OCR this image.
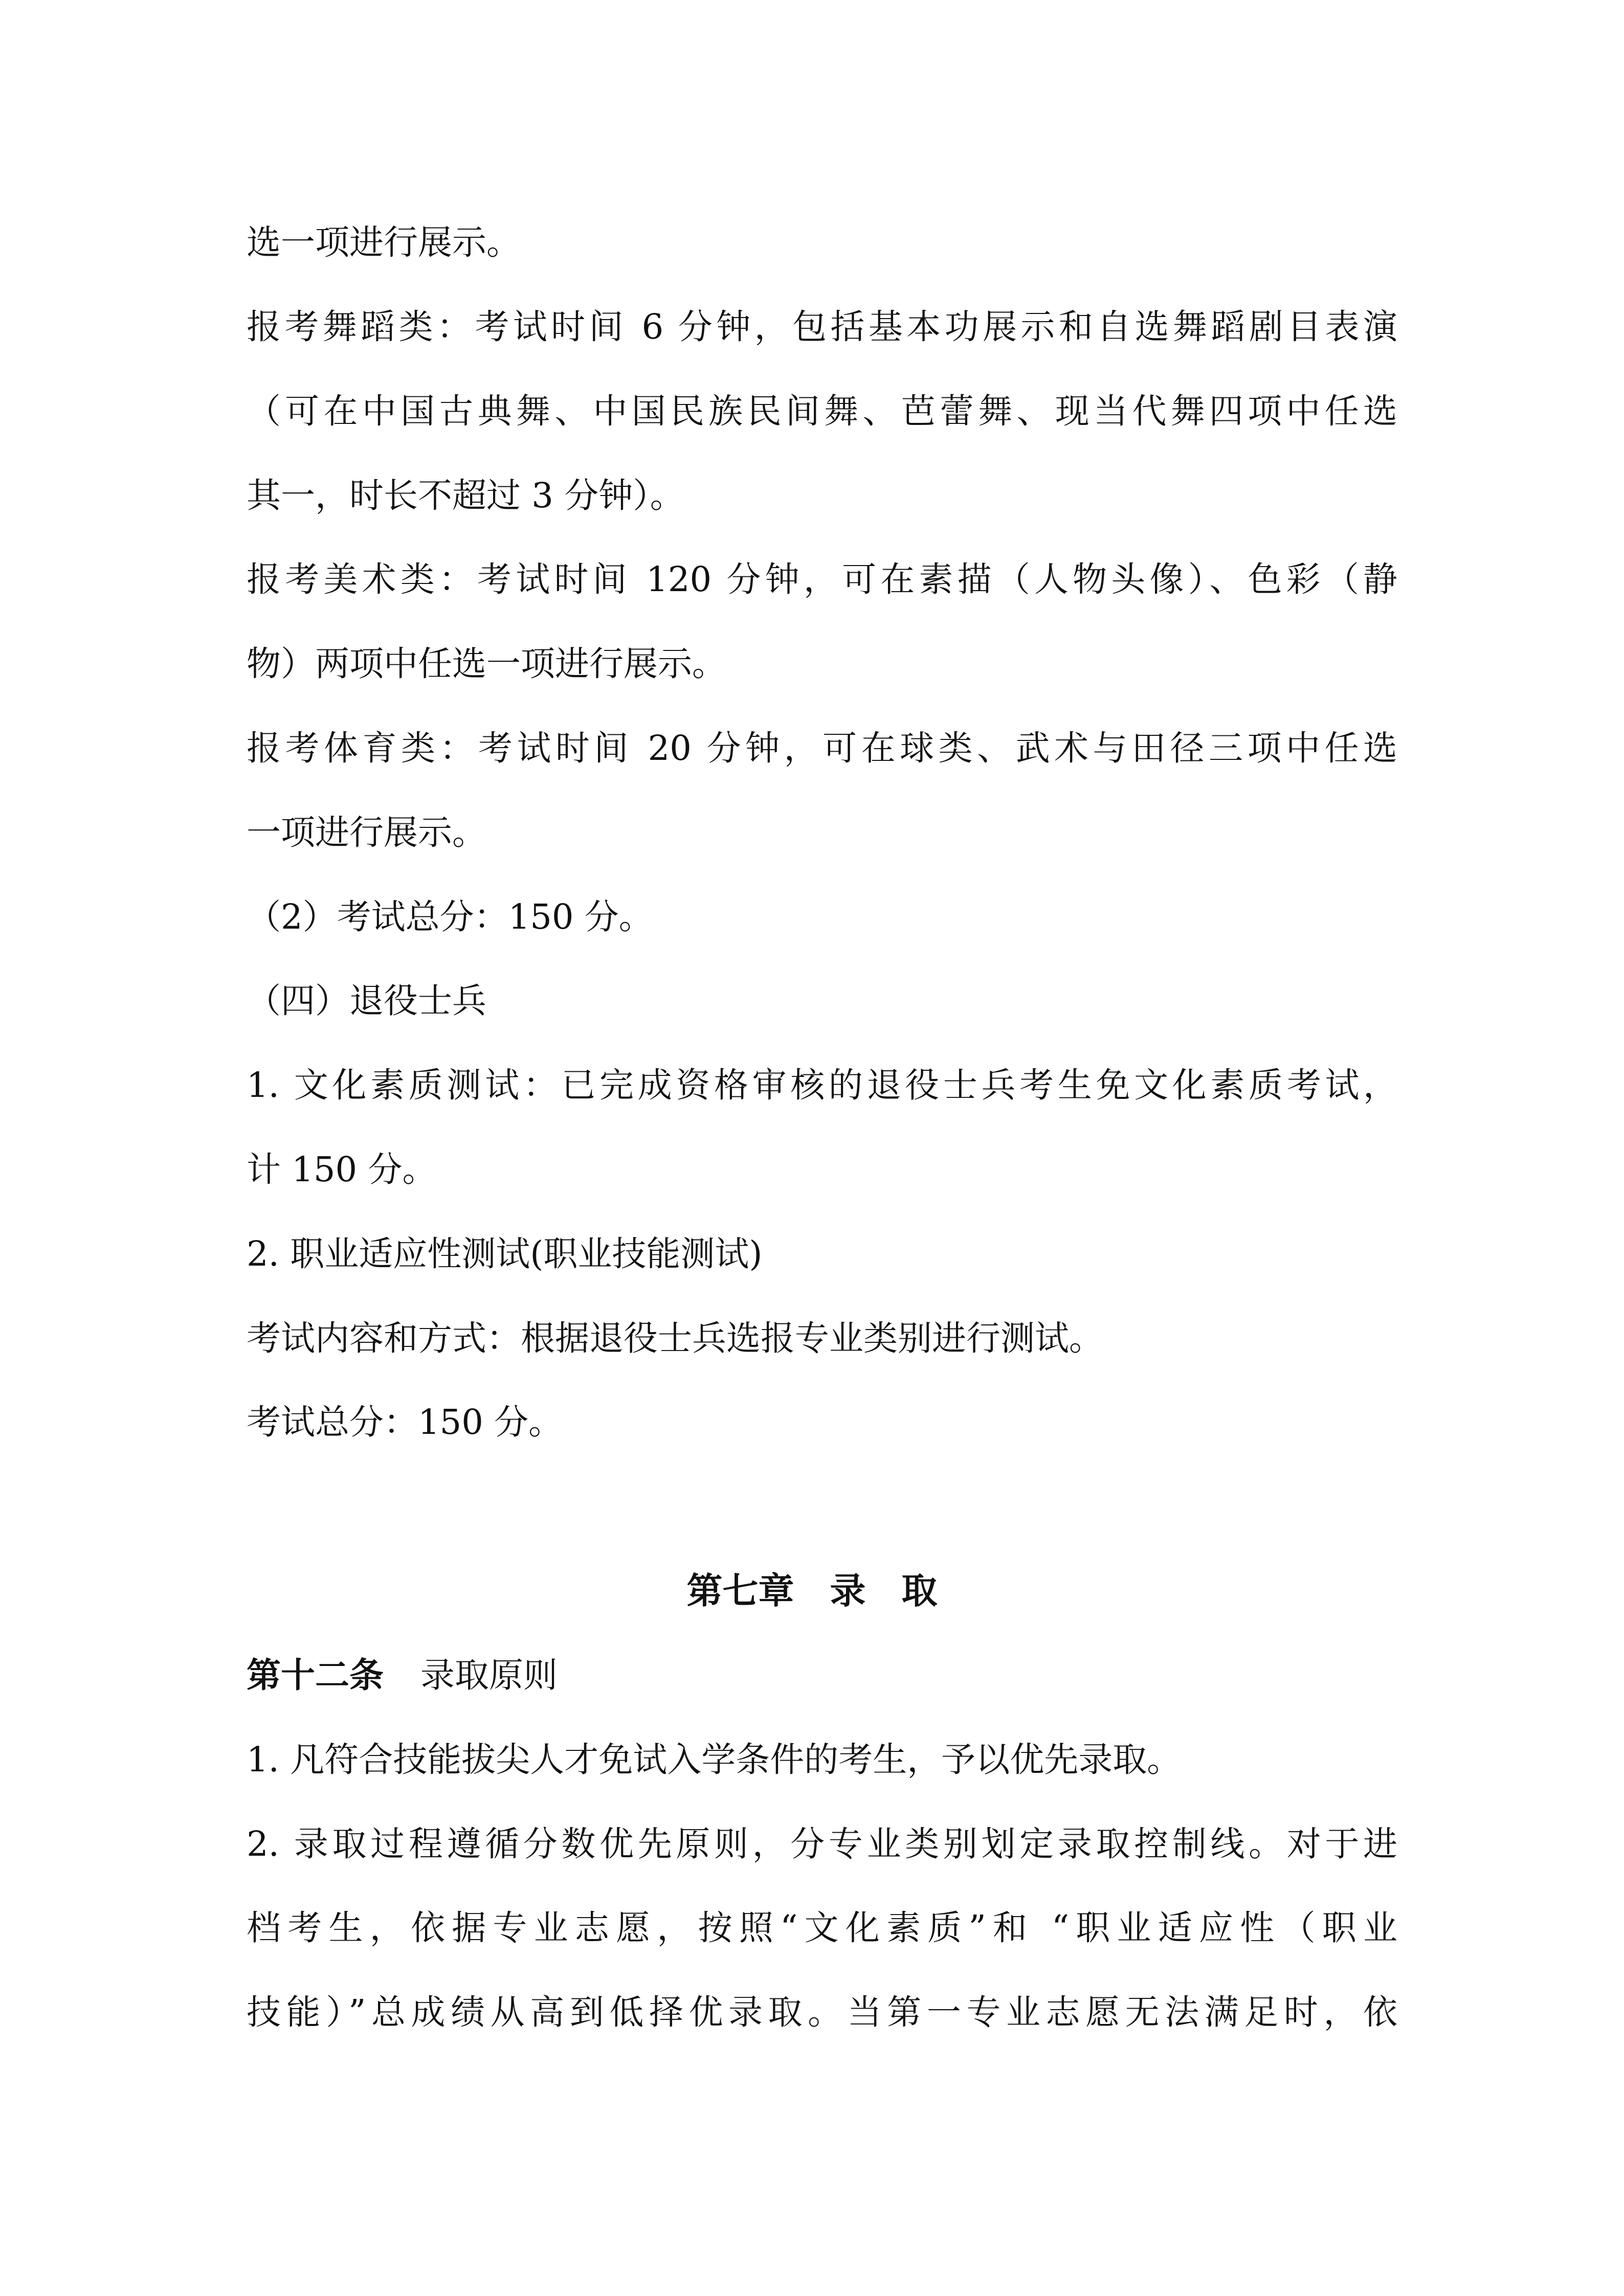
选一项进行展示。
报考舞蹈类：考试时间 6 分钟，包括基本功展示和自选舞蹈剧目表演
（可在中国古典舞、中国民族民间舞、芭蕾舞、现当代舞四项中任选
其一，时长不超过 3 分钟）。
报考美术类：考试时间 120 分钟，可在素描（人物头像）、色彩（静
物）两项中任选一项进行展示。
报考体育类：考试时间 20 分钟，可在球类、武术与田径三项中任选
一项进行展示。
（2）考试总分：150 分。
（四）退役士兵
1. 文化素质测试：已完成资格审核的退役士兵考生免文化素质考试，
计 150 分。
2. 职业适应性测试(职业技能测试)
考试内容和方式：根据退役士兵选报专业类别进行测试。
考试总分：150 分。
第七章　录　取
第十二条 录取原则
1. 凡符合技能拔尖人才免试入学条件的考生，予以优先录取。
2. 录取过程遵循分数优先原则，分专业类别划定录取控制线。对于进
档考生，依据专业志愿，按照“文化素质”和 “职业适应性（职业
技能）”总成绩从高到低择优录取。当第一专业志愿无法满足时，依
